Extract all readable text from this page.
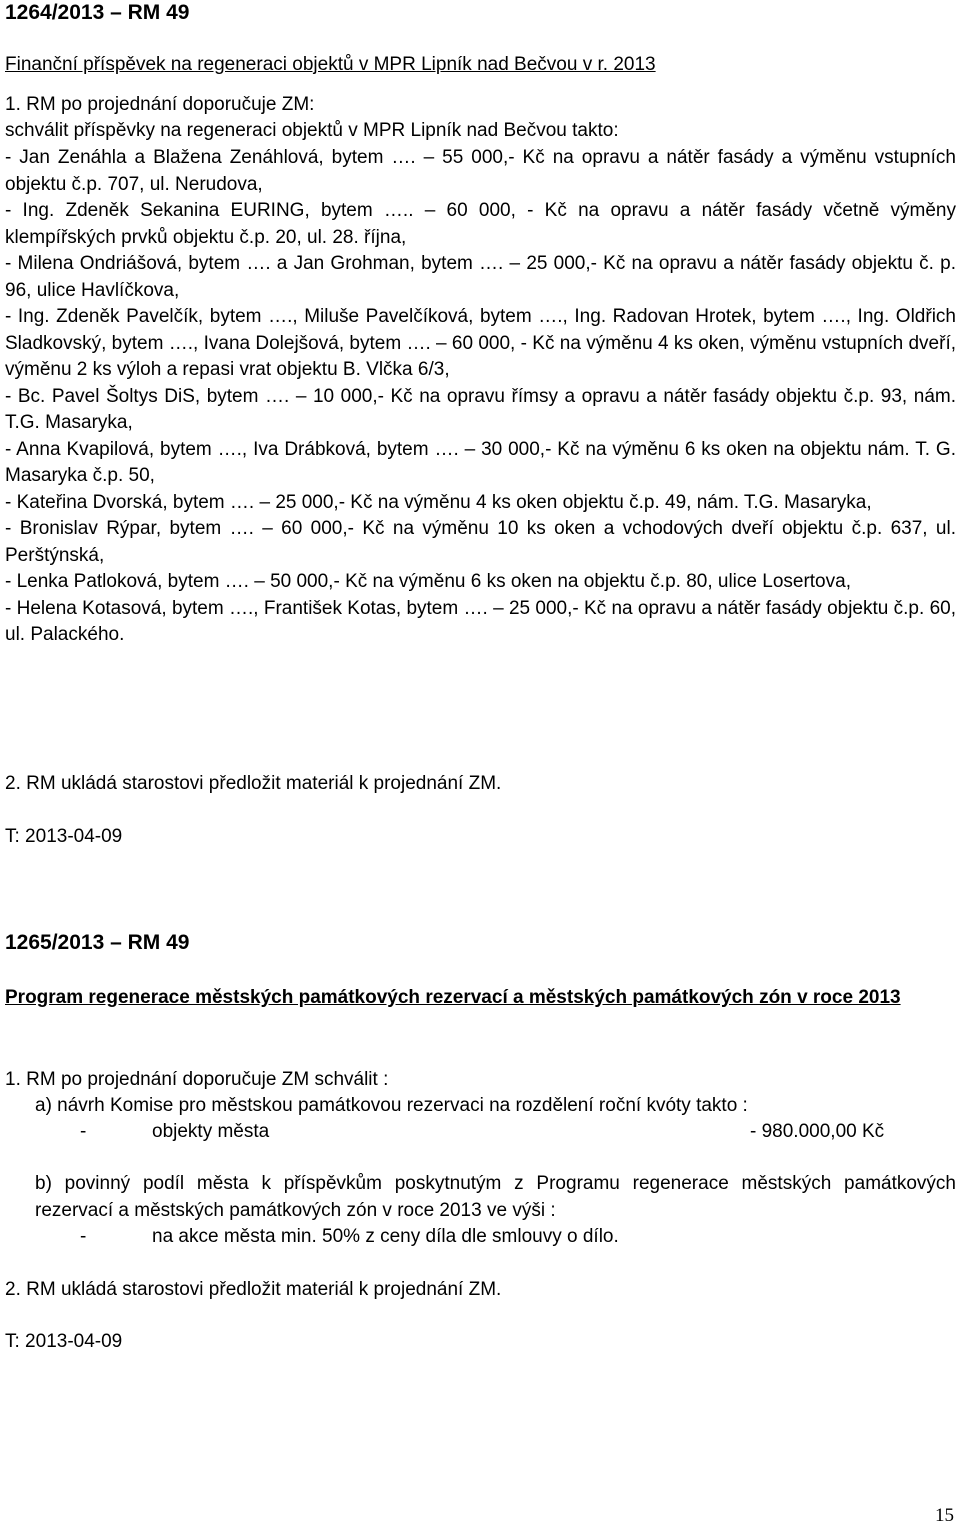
1264/2013 – RM 49
Finanční příspěvek na regeneraci objektů v MPR Lipník nad Bečvou v r. 2013
1. RM po projednání doporučuje ZM:
schválit příspěvky na regeneraci objektů v MPR Lipník nad Bečvou takto:

- Jan Zenáhla a Blažena Zenáhlová, bytem …. – 55 000,- Kč na opravu a nátěr fasády a výměnu vstupních objektu č.p. 707, ul. Nerudova,

- Ing. Zdeněk Sekanina EURING, bytem ….. – 60 000, - Kč na opravu a nátěr fasády včetně výměny klempířských prvků objektu č.p. 20, ul. 28. října,

- Milena Ondriášová, bytem …. a Jan Grohman, bytem …. – 25 000,- Kč na opravu a nátěr fasády objektu č. p. 96, ulice Havlíčkova,

- Ing. Zdeněk Pavelčík, bytem …., Miluše Pavelčíková, bytem …., Ing. Radovan Hrotek, bytem …., Ing. Oldřich Sladkovský, bytem …., Ivana Dolejšová, bytem …. – 60 000, - Kč na výměnu 4 ks oken, výměnu vstupních dveří, výměnu 2 ks výloh a repasi vrat objektu B. Vlčka 6/3,

- Bc. Pavel Šoltys DiS, bytem …. – 10 000,- Kč na opravu římsy a opravu a nátěr fasády objektu č.p. 93, nám. T.G. Masaryka,

- Anna Kvapilová, bytem …., Iva Drábková, bytem …. – 30 000,- Kč na výměnu 6 ks oken na objektu nám. T. G. Masaryka č.p. 50,

- Kateřina Dvorská, bytem …. – 25 000,- Kč na výměnu 4 ks oken objektu č.p. 49, nám. T.G. Masaryka,

- Bronislav Rýpar, bytem …. – 60 000,- Kč na výměnu 10 ks oken a vchodových dveří objektu č.p. 637, ul. Perštýnská,

- Lenka Patloková, bytem …. – 50 000,- Kč na výměnu 6 ks oken na objektu č.p. 80, ulice Losertova,

- Helena Kotasová, bytem …., František Kotas, bytem …. – 25 000,- Kč na opravu a nátěr fasády objektu č.p. 60, ul. Palackého.

2. RM ukládá starostovi předložit materiál k projednání ZM.
T: 2013-04-09
1265/2013 – RM 49
Program regenerace městských památkových rezervací a městských památkových zón v roce 2013
1. RM po projednání doporučuje ZM schválit :
a) návrh Komise pro městskou památkovou rezervaci na rozdělení roční kvóty takto :
-	objekty města	- 980.000,00 Kč
b) povinný podíl města k příspěvkům poskytnutým z Programu regenerace městských památkových rezervací a městských památkových zón v roce 2013 ve výši :
-	na akce města min. 50% z ceny díla dle smlouvy o dílo.
2. RM ukládá starostovi předložit materiál k projednání ZM.
T: 2013-04-09
15
